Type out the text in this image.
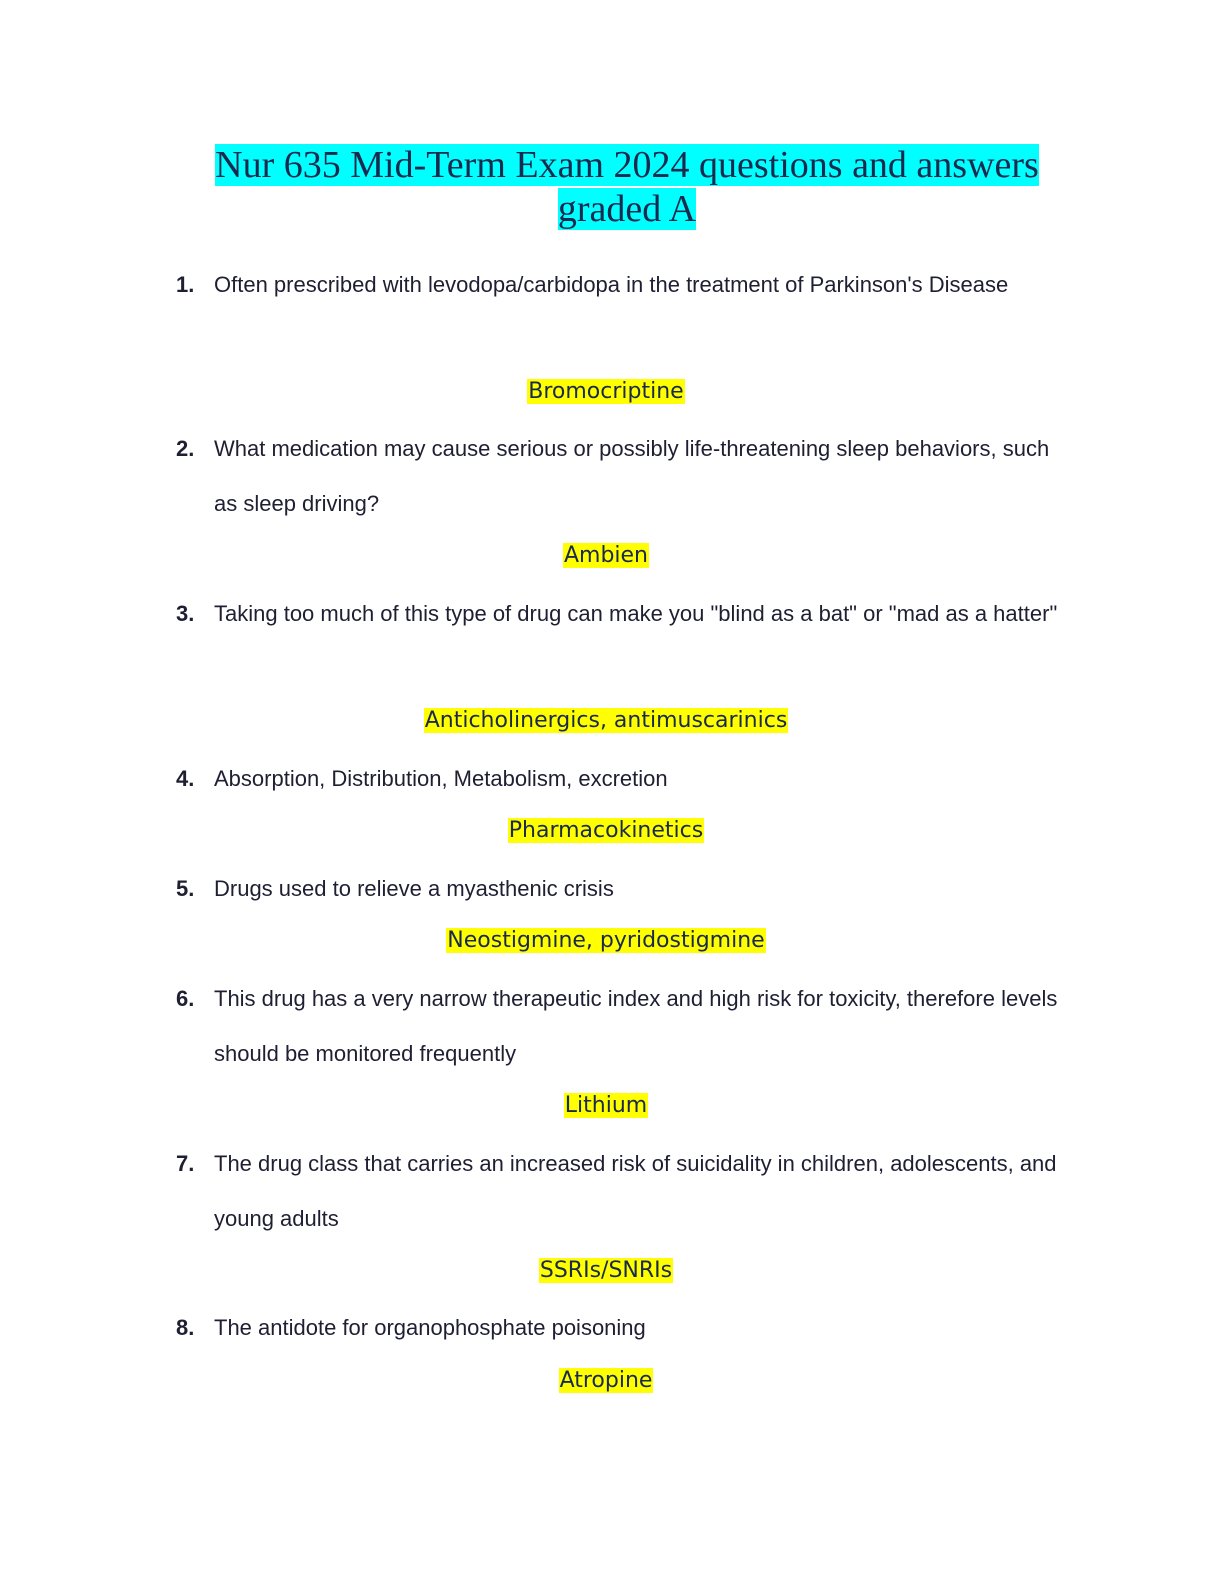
Nur 635 Mid-Term Exam 2024 questions and answers graded A
1. Often prescribed with levodopa/carbidopa in the treatment of Parkinson's Disease
Bromocriptine
2. What medication may cause serious or possibly life-threatening sleep behaviors, such as sleep driving?
Ambien
3. Taking too much of this type of drug can make you "blind as a bat" or "mad as a hatter"
Anticholinergics, antimuscarinics
4. Absorption, Distribution, Metabolism, excretion
Pharmacokinetics
5. Drugs used to relieve a myasthenic crisis
Neostigmine, pyridostigmine
6. This drug has a very narrow therapeutic index and high risk for toxicity, therefore levels should be monitored frequently
Lithium
7. The drug class that carries an increased risk of suicidality in children, adolescents, and young adults
SSRIs/SNRIs
8. The antidote for organophosphate poisoning
Atropine
